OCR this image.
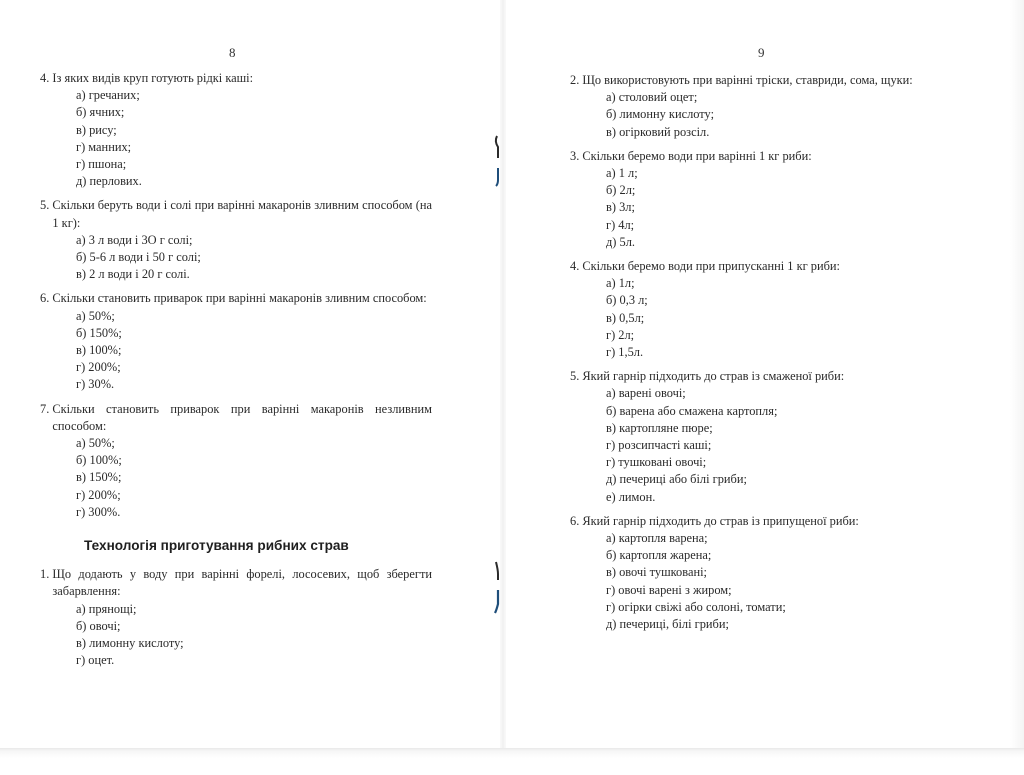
8
4. Із яких видів круп готують рідкі каші:
а) гречаних;
б) ячних;
в) рису;
г) манних;
г) пшона;
д) перлових.
5. Скільки беруть води і солі при варінні макаронів зливним способом (на 1 кг):
а) 3 л води і 3О г солі;
б) 5-6 л води і 50 г солі;
в) 2 л води і 20 г солі.
6. Скільки становить приварок при варінні макаронів зливним способом:
а) 50%;
б) 150%;
в) 100%;
г) 200%;
г) 30%.
7. Скільки становить приварок при варінні макаронів незливним способом:
а) 50%;
б) 100%;
в) 150%;
г) 200%;
г) 300%.
Технологія приготування рибних страв
1. Що додають у воду при варінні форелі, лососевих, щоб зберегти забарвлення:
а) прянощі;
б) овочі;
в) лимонну кислоту;
г) оцет.
9
2. Що використовують при варінні тріски, ставриди, сома, щуки:
а) столовий оцет;
б) лимонну кислоту;
в) огірковий розсіл.
3. Скільки беремо води при варінні 1 кг риби:
а) 1 л;
б) 2л;
в) 3л;
г) 4л;
д) 5л.
4. Скільки беремо води при припусканні 1 кг риби:
а) 1л;
б) 0,3 л;
в) 0,5л;
г) 2л;
г) 1,5л.
5. Який гарнір підходить до страв із смаженої риби:
а) варені овочі;
б) варена або смажена картопля;
в) картопляне пюре;
г) розсипчасті каші;
г) тушковані овочі;
д) печериці або білі гриби;
е) лимон.
6. Який гарнір підходить до страв із припущеної риби:
а) картопля варена;
б) картопля жарена;
в) овочі тушковані;
г) овочі варені з жиром;
г) огірки свіжі або солоні, томати;
д) печериці, білі гриби;
